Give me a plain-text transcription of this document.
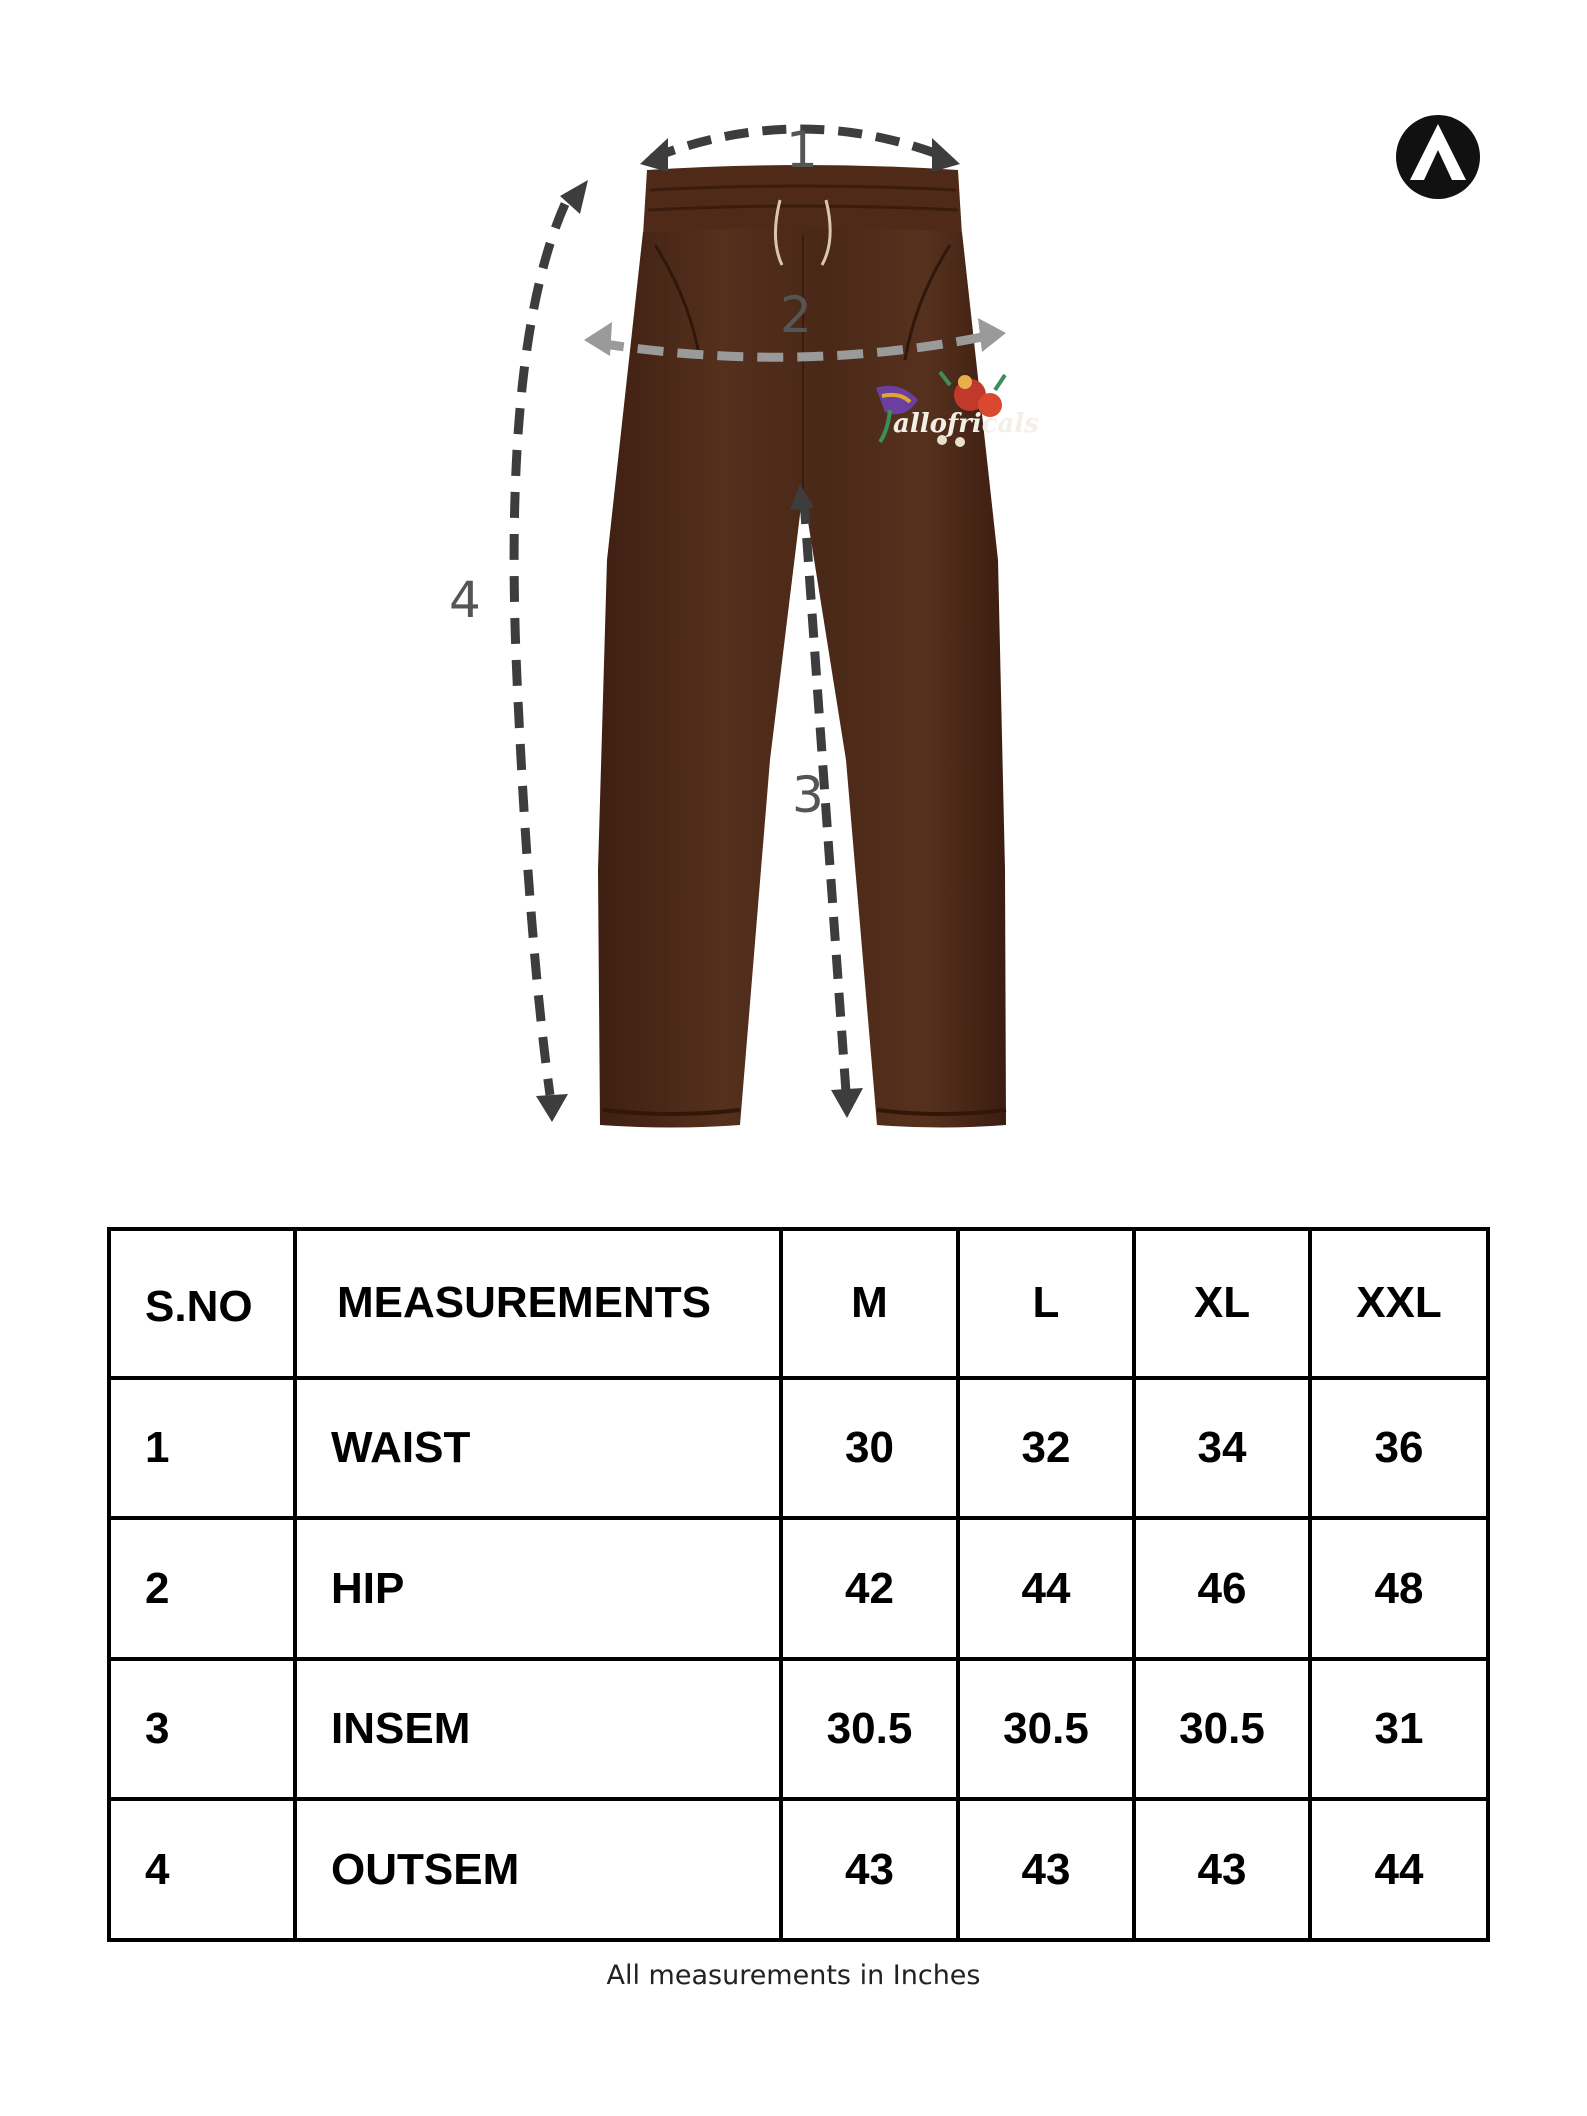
allofricals
1
2
3
4
S.NO	MEASUREMENTS	M	L	XL	XXL
1	WAIST	30	32	34	36
2	HIP	42	44	46	48
3	INSEM	30.5	30.5	30.5	31
4	OUTSEM	43	43	43	44
All measurements in Inches
